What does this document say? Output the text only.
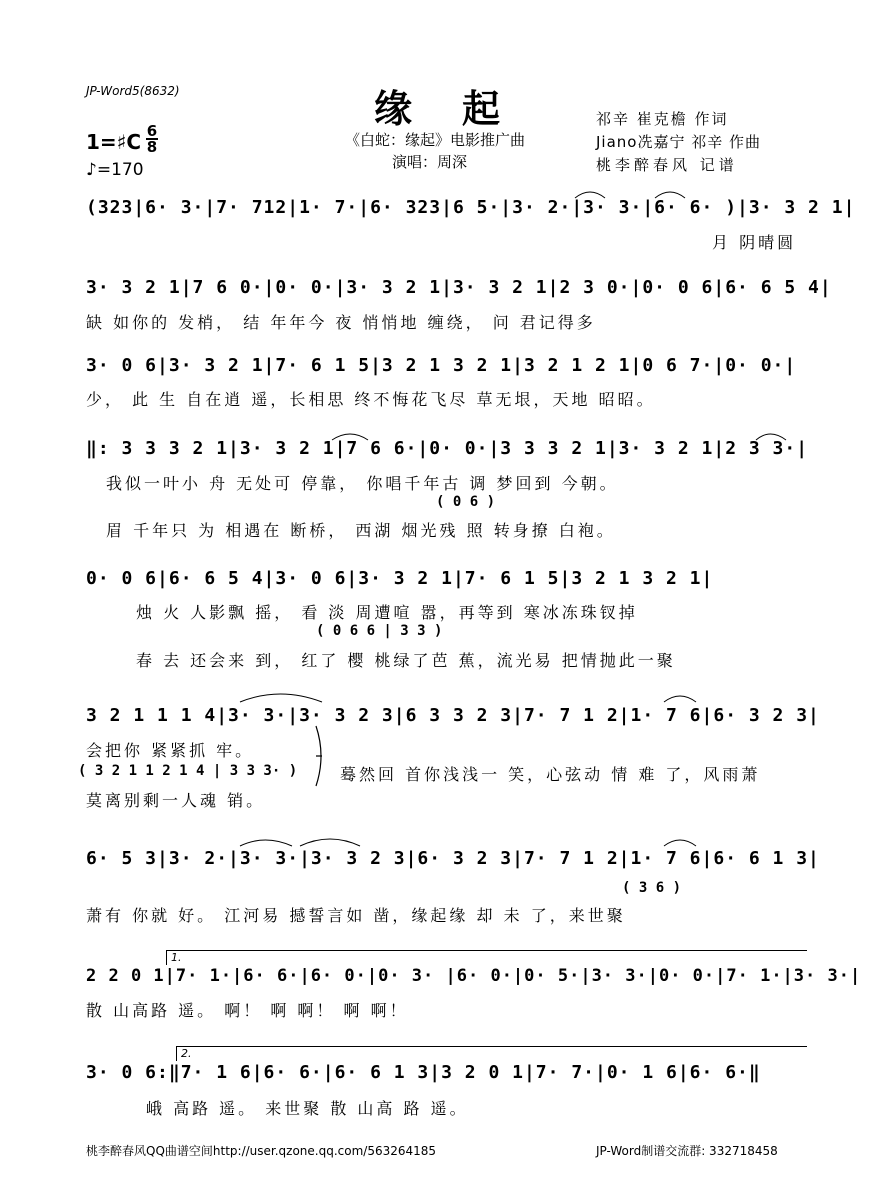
JP-Word5(8632)	缘起
《白蛇：缘起》电影推广曲
演唱：周深
祁辛 崔克檐 作词
Jiano冼嘉宁 祁辛 作曲
桃李醉春风 记谱
1=♯C 6
8
♪=170
(323|6· 3·|7· 712|1· 7·|6· 323|6 5·|3· 2·|3· 3·|6· 6· )|3· 3 2 1|
月 阴晴圆
3· 3 2 1|7 6 0·|0· 0·|3· 3 2 1|3· 3 2 1|2 3 0·|0· 0 6|6· 6 5 4|
缺 如你的 发梢， 结 年年今 夜 悄悄地 缠绕， 问 君记得多
3· 0 6|3· 3 2 1|7· 6 1 5|3 2 1 3 2 1|3 2 1 2 1|0 6 7·|0· 0·|
少， 此 生 自在逍 遥，长相思 终不悔花飞尽 草无垠，天地 昭昭。
‖: 3 3 3 2 1|3· 3 2 1|7 6 6·|0· 0·|3 3 3 2 1|3· 3 2 1|2 3 3·|
我似一叶小 舟 无处可 停靠， 你唱千年古 调 梦回到 今朝。
( 0 6 )
眉 千年只 为 相遇在 断桥， 西湖 烟光残 照 转身撩 白袍。
0· 0 6|6· 6 5 4|3· 0 6|3· 3 2 1|7· 6 1 5|3 2 1 3 2 1|
烛 火 人影飘 摇， 看 淡 周遭喧 嚣，再等到 寒冰冻珠钗掉
( 0 6 6 | 3 3 )
春 去 还会来 到， 红了 樱 桃绿了芭 蕉，流光易 把情抛此一聚
3 2 1 1 1 4|3· 3·|3· 3 2 3|6 3 3 2 3|7· 7 1 2|1· 7 6|6· 3 2 3|
会把你 紧紧抓 牢。
( 3 2 1 1 2 1 4 | 3 3 3· )
莫离别剩一人魂 销。
蓦然回 首你浅浅一 笑，心弦动 情 难 了，风雨萧
6· 5 3|3· 2·|3· 3·|3· 3 2 3|6· 3 2 3|7· 7 1 2|1· 7 6|6· 6 1 3|
( 3 6 )
萧有 你就 好。 江河易 撼誓言如 凿，缘起缘 却 未 了，来世聚
1.
2 2 0 1|7· 1·|6· 6·|6· 0·|0· 3· |6· 0·|0· 5·|3· 3·|0· 0·|7· 1·|3· 3·|
散 山高路 遥。 啊！ 啊 啊！ 啊 啊！
2.
3· 0 6:‖7· 1 6|6· 6·|6· 6 1 3|3 2 0 1|7· 7·|0· 1 6|6· 6·‖
峨 高路 遥。 来世聚 散 山高 路 遥。
桃李醉春风QQ曲谱空间http://user.qzone.qq.com/563264185	JP-Word制谱交流群: 332718458
